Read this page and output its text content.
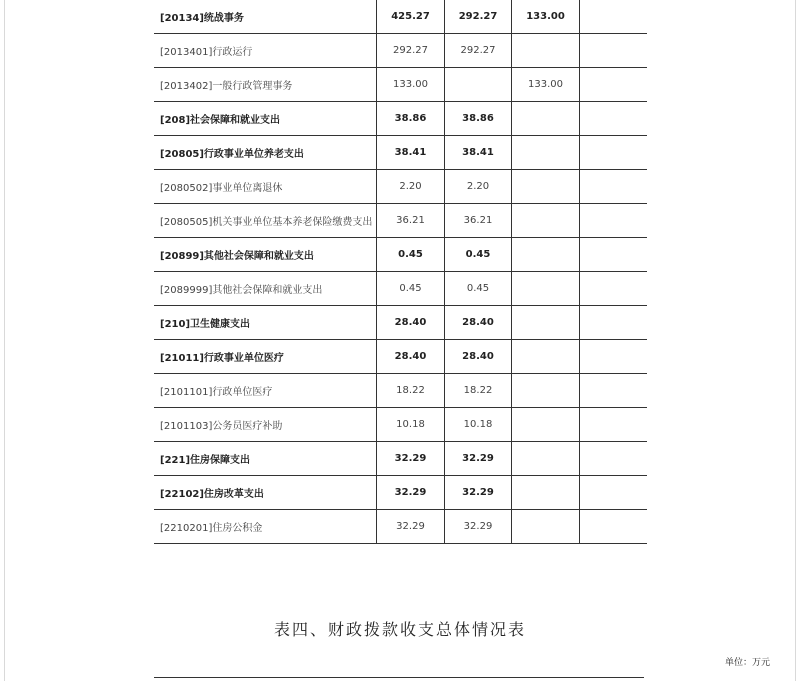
[20134]统战事务	425.27	292.27	133.00	
[2013401]行政运行	292.27	292.27		
[2013402]一般行政管理事务	133.00		133.00	
[208]社会保障和就业支出	38.86	38.86		
[20805]行政事业单位养老支出	38.41	38.41		
[2080502]事业单位离退休	2.20	2.20		
[2080505]机关事业单位基本养老保险缴费支出	36.21	36.21		
[20899]其他社会保障和就业支出	0.45	0.45		
[2089999]其他社会保障和就业支出	0.45	0.45		
[210]卫生健康支出	28.40	28.40		
[21011]行政事业单位医疗	28.40	28.40		
[2101101]行政单位医疗	18.22	18.22		
[2101103]公务员医疗补助	10.18	10.18		
[221]住房保障支出	32.29	32.29		
[22102]住房改革支出	32.29	32.29		
[2210201]住房公积金	32.29	32.29		
表四、财政拨款收支总体情况表
单位：万元
